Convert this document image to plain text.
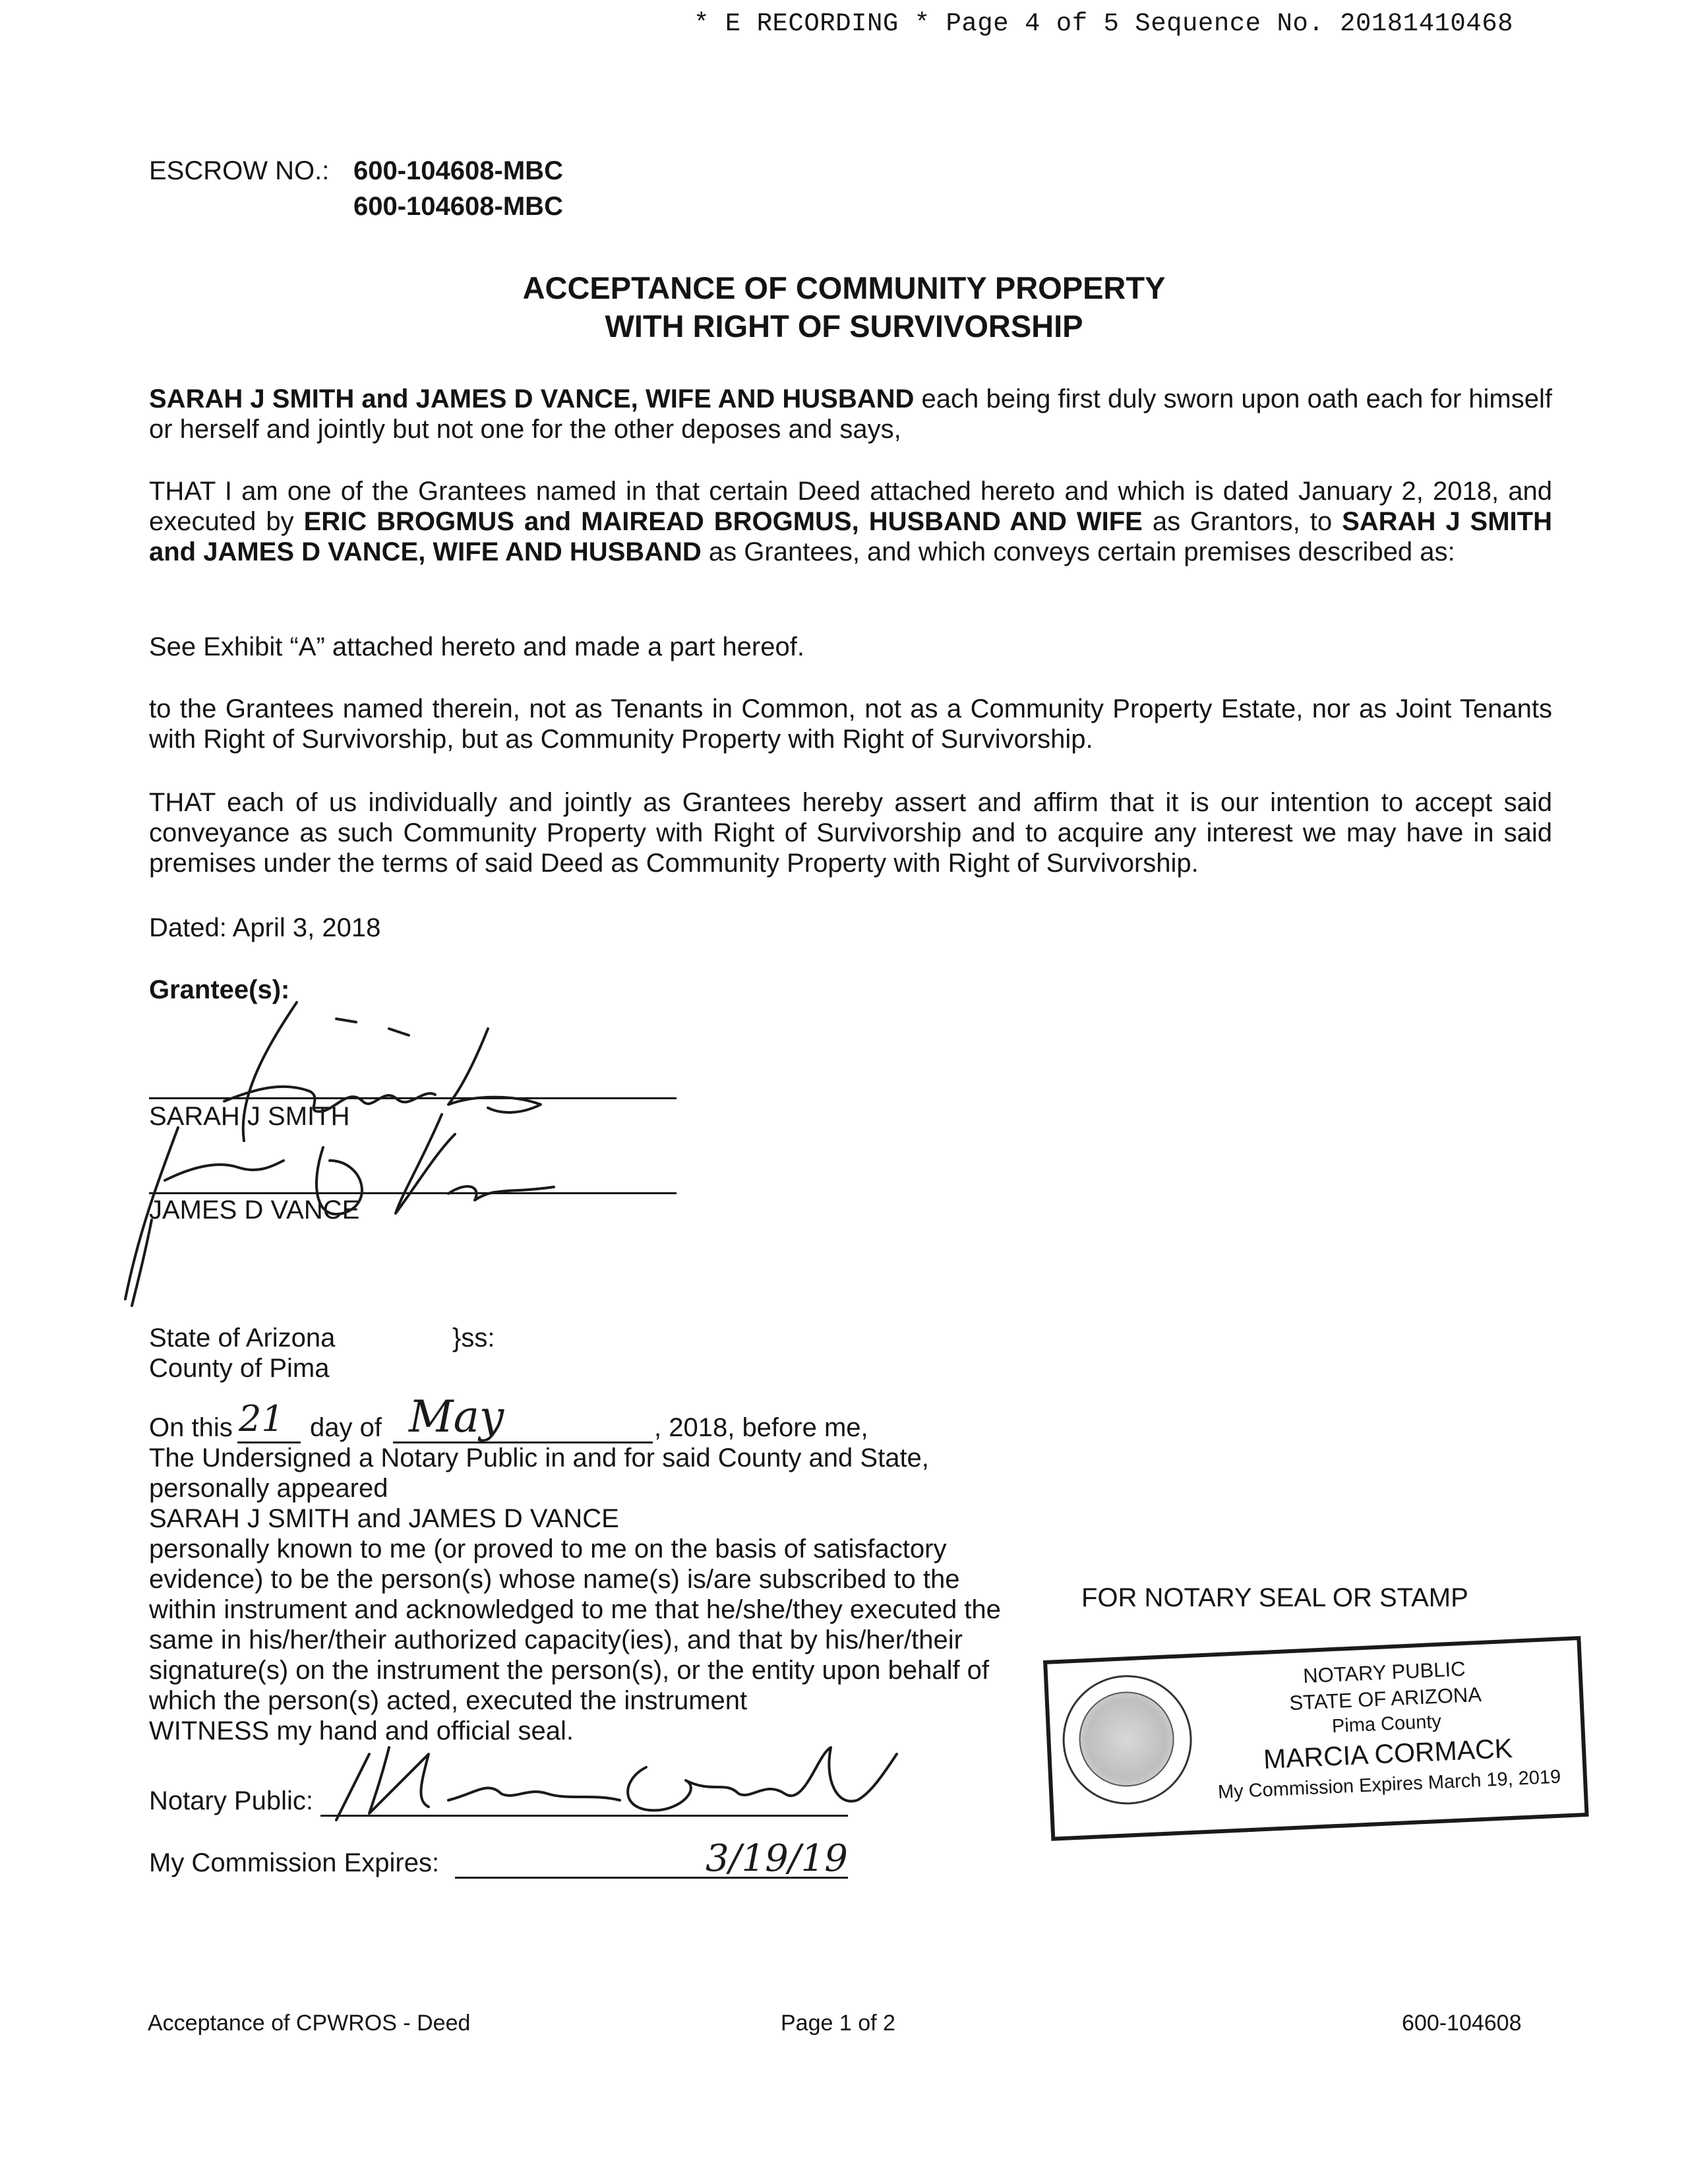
* E RECORDING * Page 4 of 5 Sequence No. 20181410468
ESCROW NO.: 600-104608-MBC
600-104608-MBC
ACCEPTANCE OF COMMUNITY PROPERTY
WITH RIGHT OF SURVIVORSHIP
SARAH J SMITH and JAMES D VANCE, WIFE AND HUSBAND each being first duly sworn upon oath each for himself or herself and jointly but not one for the other deposes and says,
THAT I am one of the Grantees named in that certain Deed attached hereto and which is dated January 2, 2018, and executed by ERIC BROGMUS and MAIREAD BROGMUS, HUSBAND AND WIFE as Grantors, to SARAH J SMITH and JAMES D VANCE, WIFE AND HUSBAND as Grantees, and which conveys certain premises described as:
See Exhibit “A” attached hereto and made a part hereof.
to the Grantees named therein, not as Tenants in Common, not as a Community Property Estate, nor as Joint Tenants with Right of Survivorship, but as Community Property with Right of Survivorship.
THAT each of us individually and jointly as Grantees hereby assert and affirm that it is our intention to accept said conveyance as such Community Property with Right of Survivorship and to acquire any interest we may have in said premises under the terms of said Deed as Community Property with Right of Survivorship.
Dated: April 3, 2018
Grantee(s):
SARAH J SMITH
JAMES D VANCE
State of Arizona	}ss:
County of Pima
On this 21 day of May	, 2018, before me,
The Undersigned a Notary Public in and for said County and State,
personally appeared
SARAH J SMITH and JAMES D VANCE
personally known to me (or proved to me on the basis of satisfactory
evidence) to be the person(s) whose name(s) is/are subscribed to the
within instrument and acknowledged to me that he/she/they executed the
same in his/her/their authorized capacity(ies), and that by his/her/their
signature(s) on the instrument the person(s), or the entity upon behalf of
which the person(s) acted, executed the instrument
WITNESS my hand and official seal.
Notary Public:
My Commission Expires:	3/19/19
FOR NOTARY SEAL OR STAMP
NOTARY PUBLIC
STATE OF ARIZONA
Pima County
MARCIA CORMACK
My Commission Expires March 19, 2019
Acceptance of CPWROS - Deed	Page 1 of 2	600-104608
